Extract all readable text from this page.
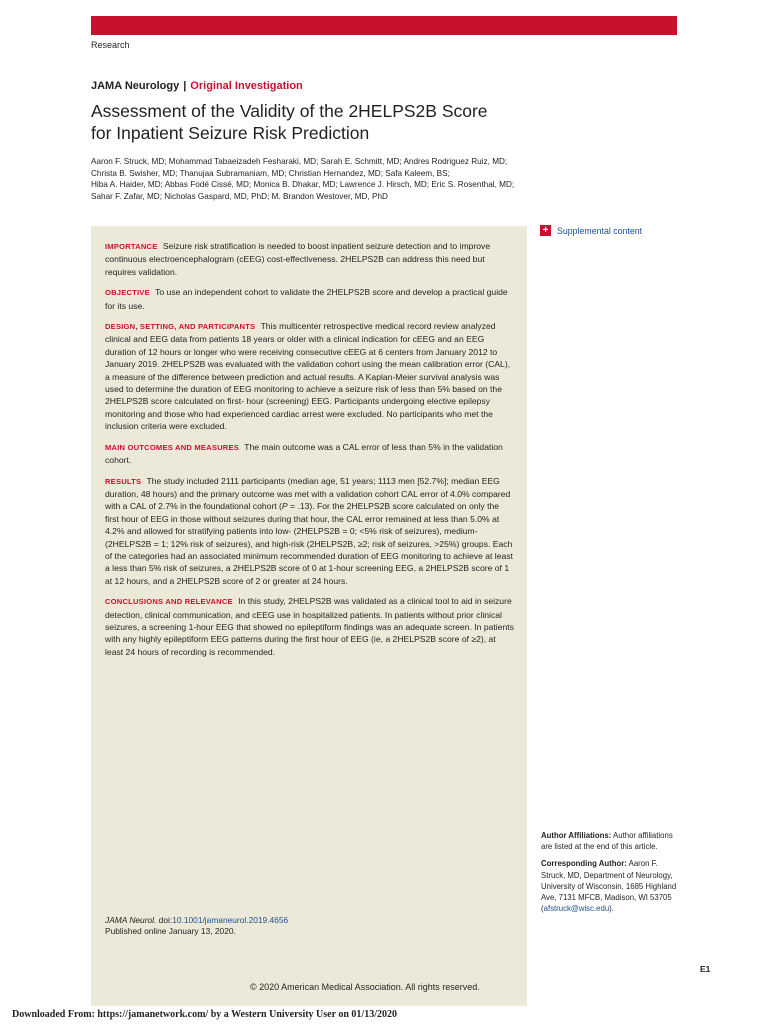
Research
JAMA Neurology | Original Investigation
Assessment of the Validity of the 2HELPS2B Score
for Inpatient Seizure Risk Prediction
Aaron F. Struck, MD; Mohammad Tabaeizadeh Fesharaki, MD; Sarah E. Schmitt, MD; Andres Rodriguez Ruiz, MD;
Christa B. Swisher, MD; Thanujaa Subramaniam, MD; Christian Hernandez, MD; Safa Kaleem, BS;
Hiba A. Haider, MD; Abbas Fodé Cissé, MD; Monica B. Dhakar, MD; Lawrence J. Hirsch, MD; Eric S. Rosenthal, MD;
Sahar F. Zafar, MD; Nicholas Gaspard, MD, PhD; M. Brandon Westover, MD, PhD

IMPORTANCE Seizure risk stratification is needed to boost inpatient seizure detection and to improve continuous electroencephalogram (cEEG) cost-effectiveness. 2HELPS2B can address this need but requires validation.

OBJECTIVE To use an independent cohort to validate the 2HELPS2B score and develop a practical guide for its use.

DESIGN, SETTING, AND PARTICIPANTS This multicenter retrospective medical record review analyzed clinical and EEG data from patients 18 years or older with a clinical indication for cEEG and an EEG duration of 12 hours or longer who were receiving consecutive cEEG at 6 centers from January 2012 to January 2019. 2HELPS2B was evaluated with the validation cohort using the mean calibration error (CAL), a measure of the difference between prediction and actual results. A Kaplan-Meier survival analysis was used to determine the duration of EEG monitoring to achieve a seizure risk of less than 5% based on the 2HELPS2B score calculated on first- hour (screening) EEG. Participants undergoing elective epilepsy monitoring and those who had experienced cardiac arrest were excluded. No participants who met the inclusion criteria were excluded.

MAIN OUTCOMES AND MEASURES The main outcome was a CAL error of less than 5% in the validation cohort.

RESULTS The study included 2111 participants (median age, 51 years; 1113 men [52.7%]; median EEG duration, 48 hours) and the primary outcome was met with a validation cohort CAL error of 4.0% compared with a CAL of 2.7% in the foundational cohort (P = .13). For the 2HELPS2B score calculated on only the first hour of EEG in those without seizures during that hour, the CAL error remained at less than 5.0% at 4.2% and allowed for stratifying patients into low- (2HELPS2B = 0; <5% risk of seizures), medium- (2HELPS2B = 1; 12% risk of seizures), and high-risk (2HELPS2B, ≥2; risk of seizures, >25%) groups. Each of the categories had an associated minimum recommended duration of EEG monitoring to achieve at least a less than 5% risk of seizures, a 2HELPS2B score of 0 at 1-hour screening EEG, a 2HELPS2B score of 1 at 12 hours, and a 2HELPS2B score of 2 or greater at 24 hours.

CONCLUSIONS AND RELEVANCE In this study, 2HELPS2B was validated as a clinical tool to aid in seizure detection, clinical communication, and cEEG use in hospitalized patients. In patients without prior clinical seizures, a screening 1-hour EEG that showed no epileptiform findings was an adequate screen. In patients with any highly epileptiform EEG patterns during the first hour of EEG (ie, a 2HELPS2B score of ≥2), at least 24 hours of recording is recommended.

JAMA Neurol. doi:10.1001/jamaneurol.2019.4656
Published online January 13, 2020.
© 2020 American Medical Association. All rights reserved.
+ Supplemental content

Author Affiliations: Author affiliations are listed at the end of this article.

Corresponding Author: Aaron F. Struck, MD, Department of Neurology, University of Wisconsin, 1685 Highland Ave, 7131 MFCB, Madison, WI 53705 (afstruck@wisc.edu).

E1
Downloaded From: https://jamanetwork.com/ by a Western University User on 01/13/2020
